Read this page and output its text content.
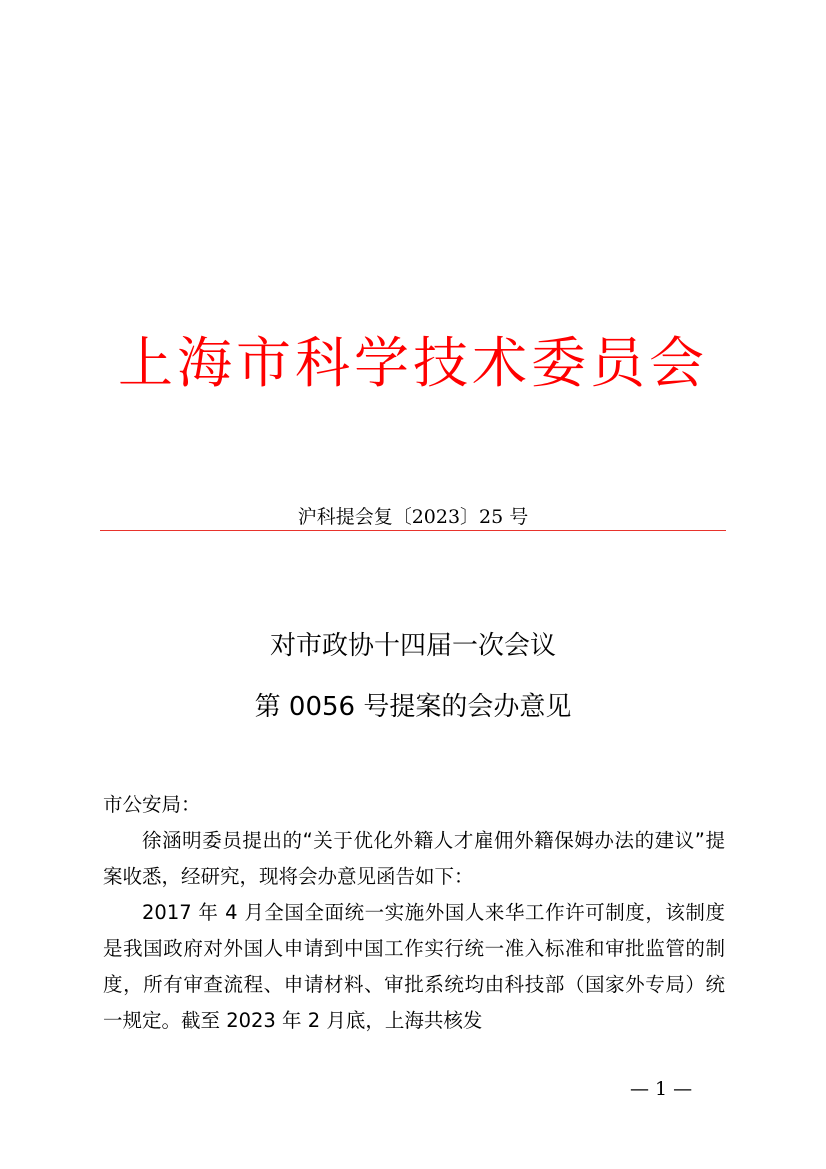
上海市科学技术委员会
沪科提会复〔2023〕25 号
对市政协十四届一次会议
第 0056 号提案的会办意见

市公安局：

徐涵明委员提出的“关于优化外籍人才雇佣外籍保姆办法的建议”提案收悉，经研究，现将会办意见函告如下：

2017 年 4 月全国全面统一实施外国人来华工作许可制度，该制度是我国政府对外国人申请到中国工作实行统一准入标准和审批监管的制度，所有审查流程、申请材料、审批系统均由科技部（国家外专局）统一规定。截至 2023 年 2 月底，上海共核发

— 1 —
